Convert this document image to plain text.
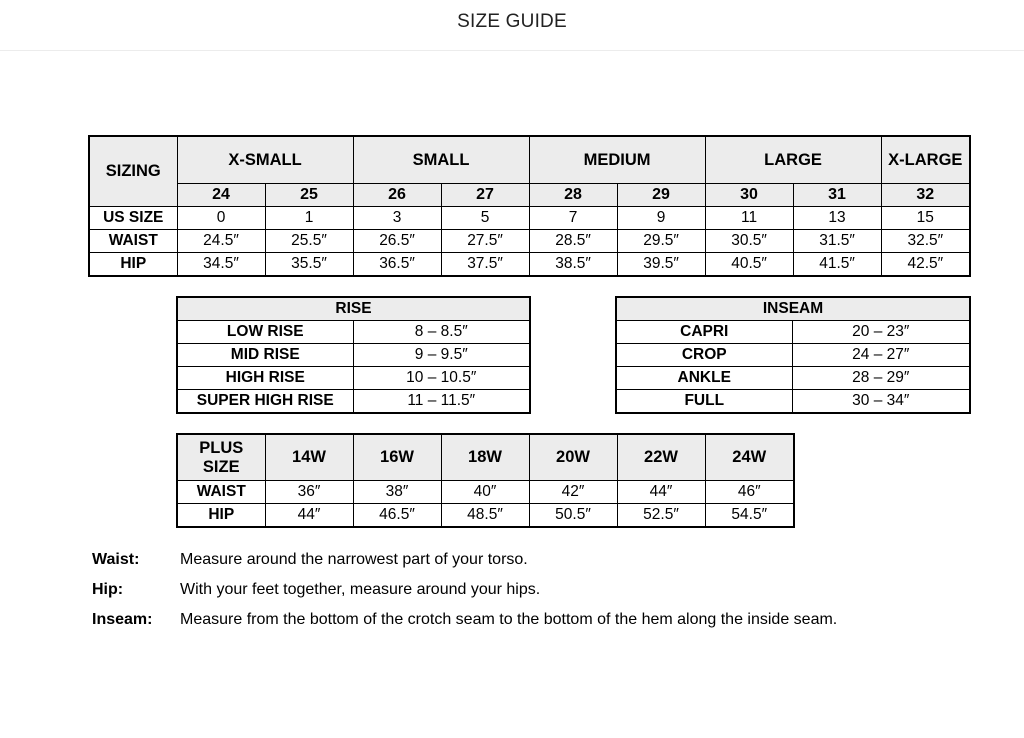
SIZE GUIDE
SIZING	X-SMALL		SMALL		MEDIUM		LARGE		X-LARGE
	24	25	26	27	28	29	30	31	32
US SIZE	0	1	3	5	7	9	11	13	15
WAIST	24.5″	25.5″	26.5″	27.5″	28.5″	29.5″	30.5″	31.5″	32.5″
HIP	34.5″	35.5″	36.5″	37.5″	38.5″	39.5″	40.5″	41.5″	42.5″
RISE	
LOW RISE	8 – 8.5″
MID RISE	9 – 9.5″
HIGH RISE	10 – 10.5″
SUPER HIGH RISE	11 – 11.5″
INSEAM	
CAPRI	20 – 23″
CROP	24 – 27″
ANKLE	28 – 29″
FULL	30 – 34″
PLUS
SIZE	14W	16W	18W	20W	22W	24W
WAIST	36″	38″	40″	42″	44″	46″
HIP	44″	46.5″	48.5″	50.5″	52.5″	54.5″
Waist:	Measure around the narrowest part of your torso.
Hip:	With your feet together, measure around your hips.
Inseam: Measure from the bottom of the crotch seam to the bottom of the hem along the inside seam.
